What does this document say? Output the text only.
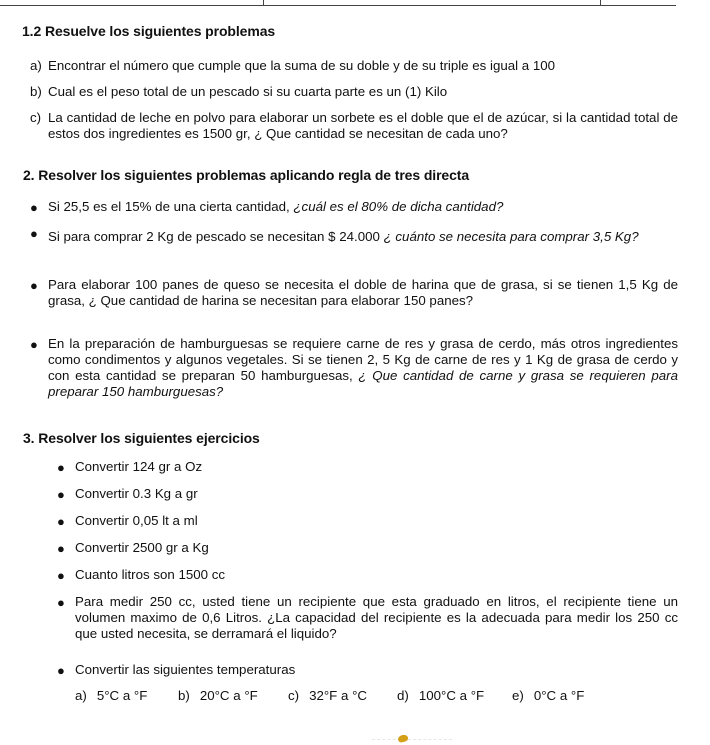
1.2 Resuelve los siguientes problemas
a) Encontrar el número que cumple que la suma de su doble y de su triple es igual a 100
b) Cual es el peso total de un pescado si su cuarta parte es un (1) Kilo
c) La cantidad de leche en polvo para elaborar un sorbete es el doble que el de azúcar, si la cantidad total de estos dos ingredientes es 1500 gr, ¿ Que cantidad se necesitan de cada uno?
2. Resolver los siguientes problemas aplicando regla de tres directa
● Si 25,5 es el 15% de una cierta cantidad, ¿cuál es el 80% de dicha cantidad?
● Si para comprar 2 Kg de pescado se necesitan $ 24.000 ¿ cuánto se necesita para comprar 3,5 Kg?
● Para elaborar 100 panes de queso se necesita el doble de harina que de grasa, si se tienen 1,5 Kg de grasa, ¿ Que cantidad de harina se necesitan para elaborar 150 panes?
● En la preparación de hamburguesas se requiere carne de res y grasa de cerdo, más otros ingredientes como condimentos y algunos vegetales. Si se tienen 2, 5 Kg de carne de res y 1 Kg de grasa de cerdo y con esta cantidad se preparan 50 hamburguesas, ¿ Que cantidad de carne y grasa se requieren para preparar 150 hamburguesas?
3. Resolver los siguientes ejercicios
● Convertir 124 gr a Oz
● Convertir 0.3 Kg a gr
● Convertir 0,05 lt a ml
● Convertir 2500 gr a Kg
● Cuanto litros son 1500 cc
● Para medir 250 cc, usted tiene un recipiente que esta graduado en litros, el recipiente tiene un volumen maximo de 0,6 Litros. ¿La capacidad del recipiente es la adecuada para medir los 250 cc que usted necesita, se derramará el liquido?
● Convertir las siguientes temperaturas
a) 5°C a °F b) 20°C a °F c) 32°F a °C d) 100°C a °F e) 0°C a °F
